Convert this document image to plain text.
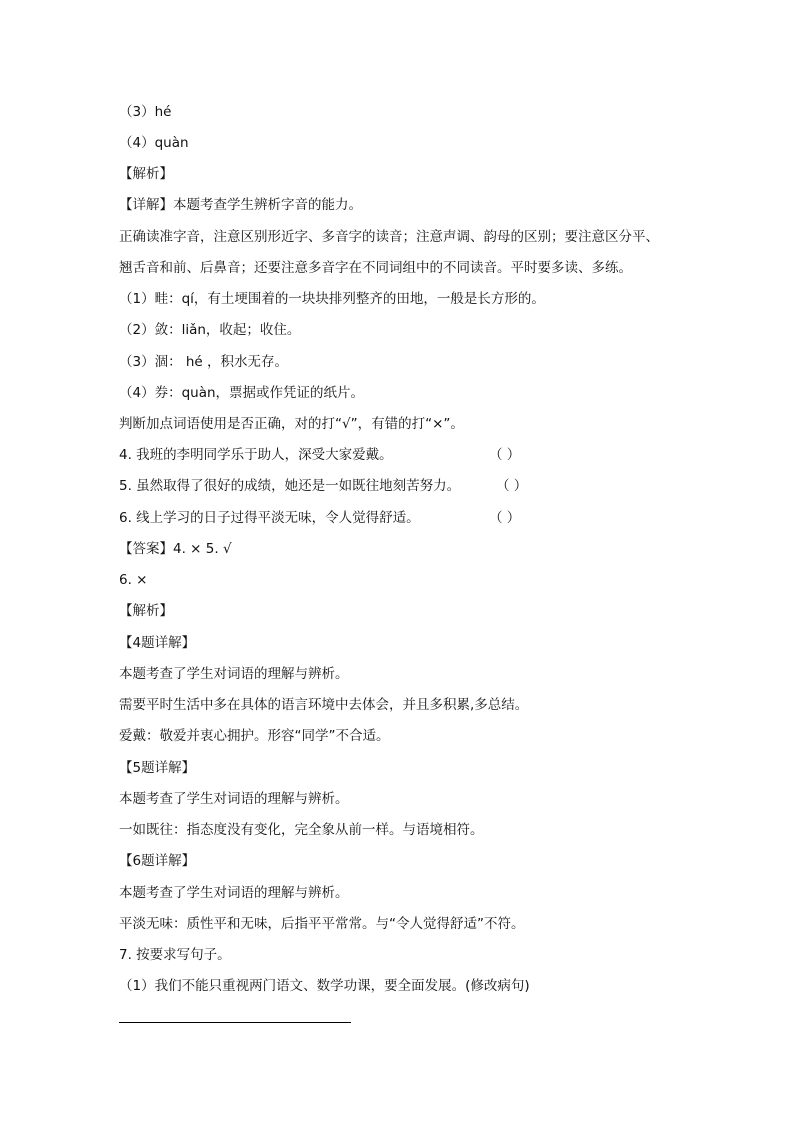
（3）hé
（4）quàn
【解析】
【详解】本题考查学生辨析字音的能力。
正确读准字音，注意区别形近字、多音字的读音；注意声调、韵母的区别；要注意区分平、
翘舌音和前、后鼻音；还要注意多音字在不同词组中的不同读音。平时要多读、多练。
（1）畦：qí，有土埂围着的一块块排列整齐的田地，一般是长方形的。
（2）敛：liǎn，收起；收住。
（3）涸： hé ，积水无存。
（4）券：quàn，票据或作凭证的纸片。
判断加点词语使用是否正确，对的打“√”，有错的打“×”。
4. 我班的李明同学乐于助人，深受大家爱戴。	（ ）
5. 虽然取得了很好的成绩，她还是一如既往地刻苦努力。	（ ）
6. 线上学习的日子过得平淡无味，令人觉得舒适。	（ ）
【答案】4. × 5. √
6. ×
【解析】
【4题详解】
本题考查了学生对词语的理解与辨析。
需要平时生活中多在具体的语言环境中去体会，并且多积累,多总结。
爱戴：敬爱并衷心拥护。形容“同学”不合适。
【5题详解】
本题考查了学生对词语的理解与辨析。
一如既往：指态度没有变化，完全象从前一样。与语境相符。
【6题详解】
本题考查了学生对词语的理解与辨析。
平淡无味：质性平和无味，后指平平常常。与“令人觉得舒适”不符。
7. 按要求写句子。
（1）我们不能只重视两门语文、数学功课，要全面发展。(修改病句)
